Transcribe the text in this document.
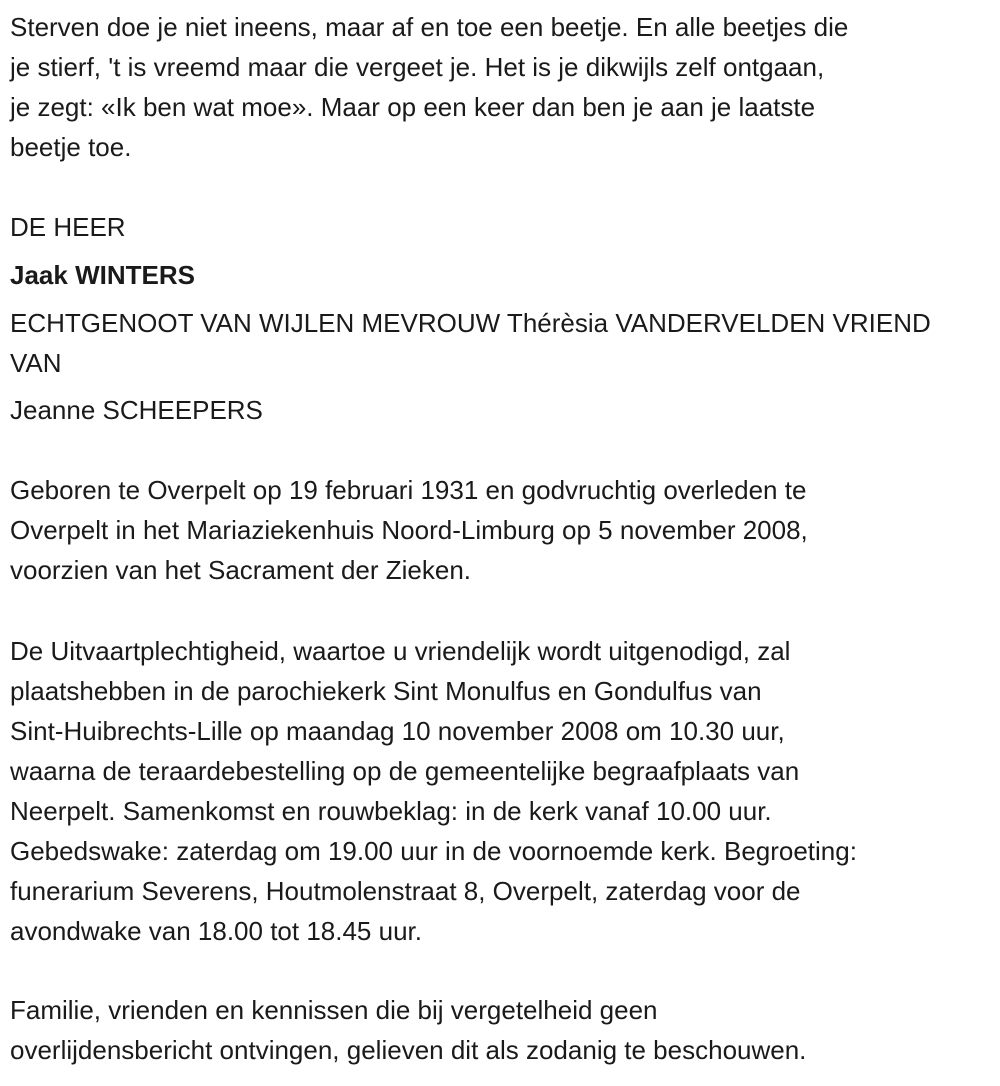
Sterven doe je niet ineens, maar af en toe een beetje. En alle beetjes die
je stierf, 't is vreemd maar die vergeet je. Het is je dikwijls zelf ontgaan,
je zegt: «Ik ben wat moe». Maar op een keer dan ben je aan je laatste
beetje toe.
DE HEER
Jaak WINTERS
ECHTGENOOT VAN WIJLEN MEVROUW Thérèsia VANDERVELDEN VRIEND
VAN
Jeanne SCHEEPERS
Geboren te Overpelt op 19 februari 1931 en godvruchtig overleden te
Overpelt in het Mariaziekenhuis Noord-Limburg op 5 november 2008,
voorzien van het Sacrament der Zieken.
De Uitvaartplechtigheid, waartoe u vriendelijk wordt uitgenodigd, zal
plaatshebben in de parochiekerk Sint Monulfus en Gondulfus van
Sint-Huibrechts-Lille op maandag 10 november 2008 om 10.30 uur,
waarna de teraardebestelling op de gemeentelijke begraafplaats van
Neerpelt. Samenkomst en rouwbeklag: in de kerk vanaf 10.00 uur.
Gebedswake: zaterdag om 19.00 uur in de voornoemde kerk. Begroeting:
funerarium Severens, Houtmolenstraat 8, Overpelt, zaterdag voor de
avondwake van 18.00 tot 18.45 uur.
Familie, vrienden en kennissen die bij vergetelheid geen
overlijdensbericht ontvingen, gelieven dit als zodanig te beschouwen.
